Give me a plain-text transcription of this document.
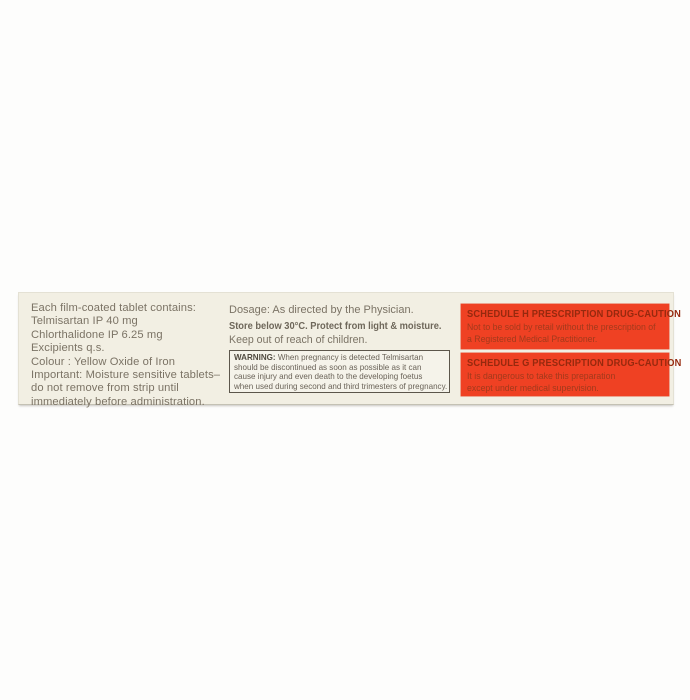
Each film-coated tablet contains:
Telmisartan IP 40 mg
Chlorthalidone IP 6.25 mg
Excipients q.s.
Colour : Yellow Oxide of Iron
Important: Moisture sensitive tablets–
do not remove from strip until
immediately before administration.
Dosage: As directed by the Physician.
Store below 30°C. Protect from light & moisture.
Keep out of reach of children.
WARNING: When pregnancy is detected Telmisartan
should be discontinued as soon as possible as it can
cause injury and even death to the developing foetus
when used during second and third trimesters of pregnancy.
SCHEDULE H PRESCRIPTION DRUG-CAUTION
Not to be sold by retail without the prescription of
a Registered Medical Practitioner.
SCHEDULE G PRESCRIPTION DRUG-CAUTION
It is dangerous to take this preparation
except under medical supervision.
